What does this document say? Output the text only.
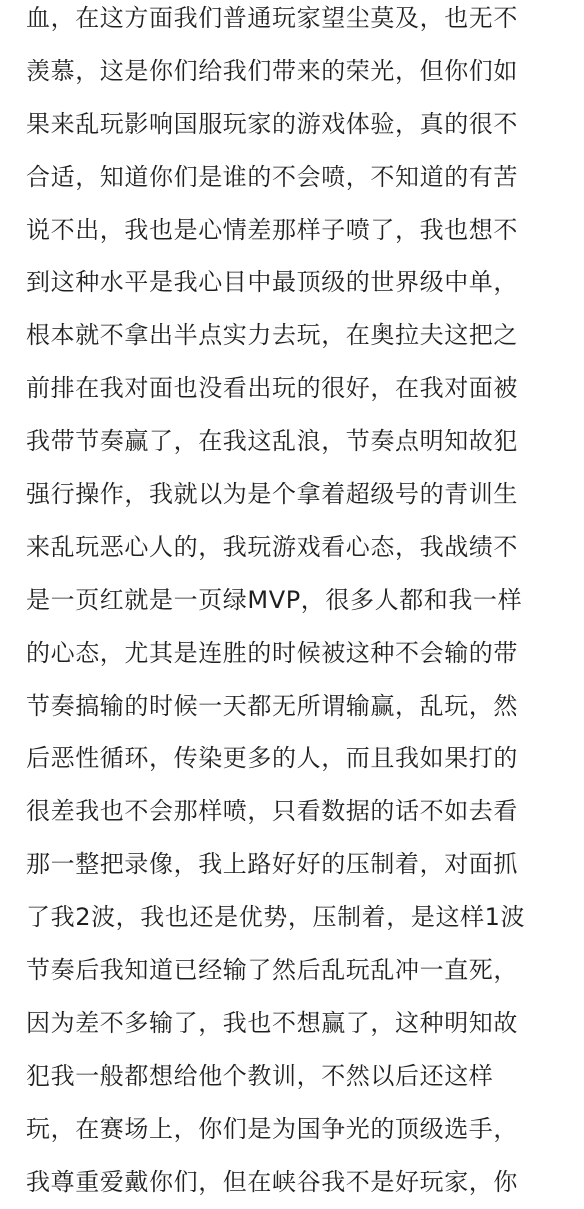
血，在这方面我们普通玩家望尘莫及，也无不
羡慕，这是你们给我们带来的荣光，但你们如
果来乱玩影响国服玩家的游戏体验，真的很不
合适，知道你们是谁的不会喷，不知道的有苦
说不出，我也是心情差那样子喷了，我也想不
到这种水平是我心目中最顶级的世界级中单，
根本就不拿出半点实力去玩，在奥拉夫这把之
前排在我对面也没看出玩的很好，在我对面被
我带节奏赢了，在我这乱浪，节奏点明知故犯
强行操作，我就以为是个拿着超级号的青训生
来乱玩恶心人的，我玩游戏看心态，我战绩不
是一页红就是一页绿MVP，很多人都和我一样
的心态，尤其是连胜的时候被这种不会输的带
节奏搞输的时候一天都无所谓输赢，乱玩，然
后恶性循环，传染更多的人，而且我如果打的
很差我也不会那样喷，只看数据的话不如去看
那一整把录像，我上路好好的压制着，对面抓
了我2波，我也还是优势，压制着，是这样1波
节奏后我知道已经输了然后乱玩乱冲一直死，
因为差不多输了，我也不想赢了，这种明知故
犯我一般都想给他个教训，不然以后还这样
玩，在赛场上，你们是为国争光的顶级选手，
我尊重爱戴你们，但在峡谷我不是好玩家，你
